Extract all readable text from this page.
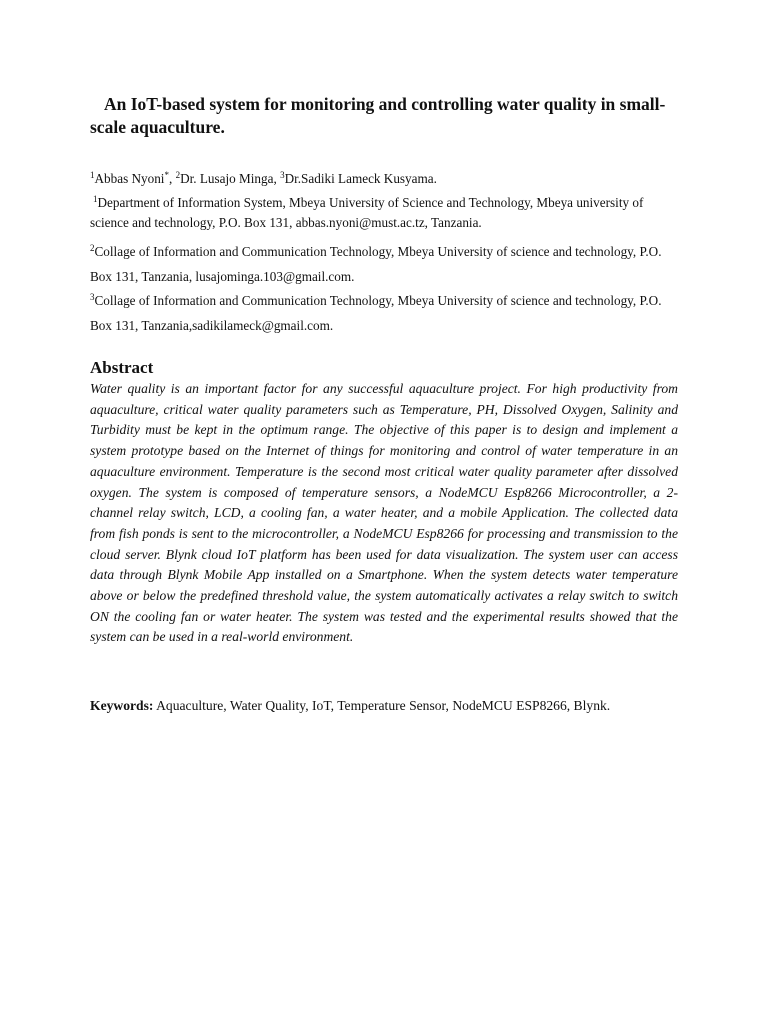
An IoT-based system for monitoring and controlling water quality in small-scale aquaculture.
$^1$Abbas Nyoni*, $^2$Dr. Lusajo Minga, $^3$Dr.Sadiki Lameck Kusyama.
$^1$Department of Information System, Mbeya University of Science and Technology, Mbeya university of science and technology, P.O. Box 131, abbas.nyoni@must.ac.tz, Tanzania.
$^2$Collage of Information and Communication Technology, Mbeya University of science and technology, P.O. Box 131, Tanzania, lusajominga.103@gmail.com.
$^3$Collage of Information and Communication Technology, Mbeya University of science and technology, P.O. Box 131, Tanzania,sadikilameck@gmail.com.
Abstract
Water quality is an important factor for any successful aquaculture project. For high productivity from aquaculture, critical water quality parameters such as Temperature, PH, Dissolved Oxygen, Salinity and Turbidity must be kept in the optimum range. The objective of this paper is to design and implement a system prototype based on the Internet of things for monitoring and control of water temperature in an aquaculture environment. Temperature is the second most critical water quality parameter after dissolved oxygen. The system is composed of temperature sensors, a NodeMCU Esp8266 Microcontroller, a 2-channel relay switch, LCD, a cooling fan, a water heater, and a mobile Application. The collected data from fish ponds is sent to the microcontroller, a NodeMCU Esp8266 for processing and transmission to the cloud server. Blynk cloud IoT platform has been used for data visualization. The system user can access data through Blynk Mobile App installed on a Smartphone. When the system detects water temperature above or below the predefined threshold value, the system automatically activates a relay switch to switch ON the cooling fan or water heater. The system was tested and the experimental results showed that the system can be used in a real-world environment.
Keywords: Aquaculture, Water Quality, IoT, Temperature Sensor, NodeMCU ESP8266, Blynk.
